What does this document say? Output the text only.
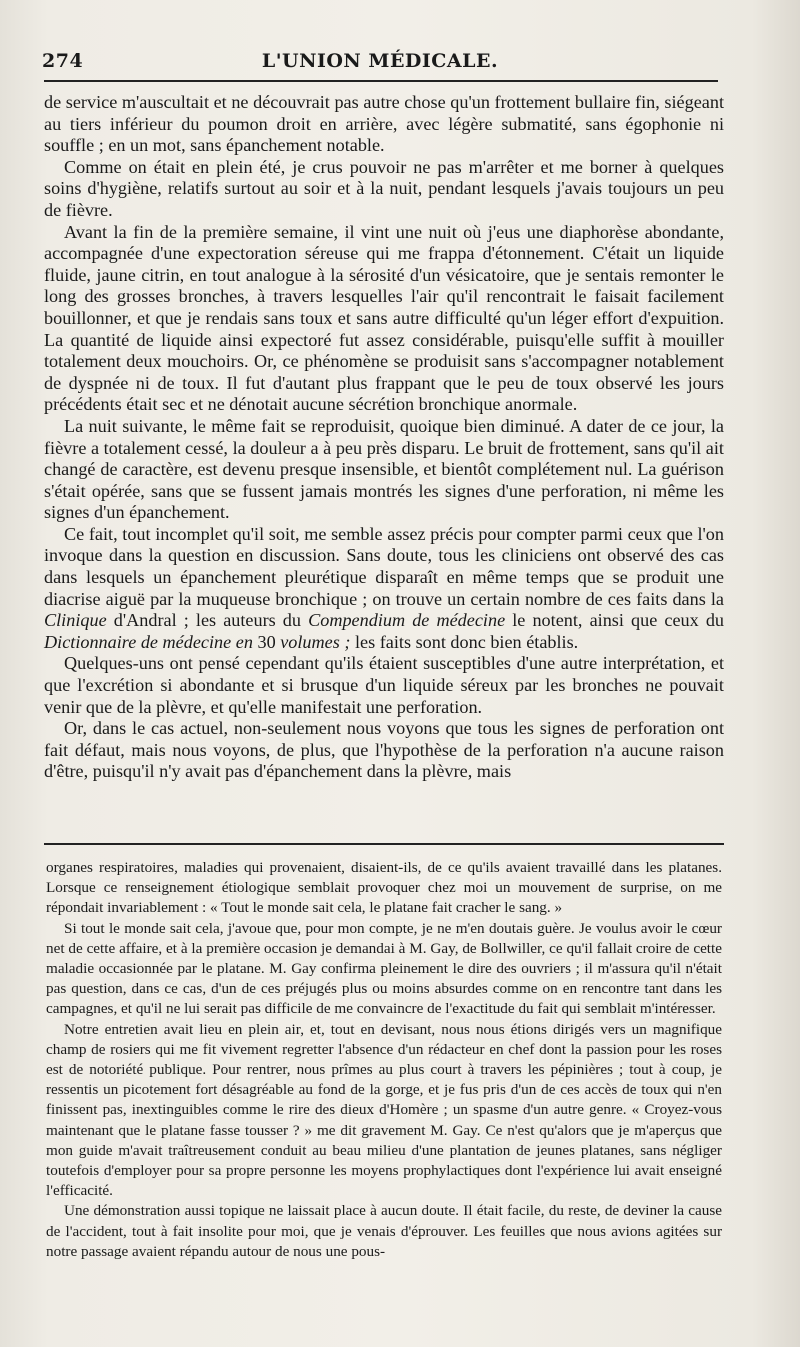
274	L'UNION MÉDICALE.

de service m'auscultait et ne découvrait pas autre chose qu'un frottement bullaire fin, siégeant au tiers inférieur du poumon droit en arrière, avec légère submatité, sans égophonie ni souffle ; en un mot, sans épanchement notable.

Comme on était en plein été, je crus pouvoir ne pas m'arrêter et me borner à quelques soins d'hygiène, relatifs surtout au soir et à la nuit, pendant lesquels j'avais toujours un peu de fièvre.

Avant la fin de la première semaine, il vint une nuit où j'eus une diaphorèse abondante, accompagnée d'une expectoration séreuse qui me frappa d'étonnement. C'était un liquide fluide, jaune citrin, en tout analogue à la sérosité d'un vésicatoire, que je sentais remonter le long des grosses bronches, à travers lesquelles l'air qu'il rencontrait le faisait facilement bouillonner, et que je rendais sans toux et sans autre difficulté qu'un léger effort d'expuition. La quantité de liquide ainsi expectoré fut assez considérable, puisqu'elle suffit à mouiller totalement deux mouchoirs. Or, ce phénomène se produisit sans s'accompagner notablement de dyspnée ni de toux. Il fut d'autant plus frappant que le peu de toux observé les jours précédents était sec et ne dénotait aucune sécrétion bronchique anormale.

La nuit suivante, le même fait se reproduisit, quoique bien diminué. A dater de ce jour, la fièvre a totalement cessé, la douleur a à peu près disparu. Le bruit de frottement, sans qu'il ait changé de caractère, est devenu presque insensible, et bientôt complétement nul. La guérison s'était opérée, sans que se fussent jamais montrés les signes d'une perforation, ni même les signes d'un épanchement.

Ce fait, tout incomplet qu'il soit, me semble assez précis pour compter parmi ceux que l'on invoque dans la question en discussion. Sans doute, tous les cliniciens ont observé des cas dans lesquels un épanchement pleurétique disparaît en même temps que se produit une diacrise aiguë par la muqueuse bronchique ; on trouve un certain nombre de ces faits dans la Clinique d'Andral ; les auteurs du Compendium de médecine le notent, ainsi que ceux du Dictionnaire de médecine en 30 volumes ; les faits sont donc bien établis.

Quelques-uns ont pensé cependant qu'ils étaient susceptibles d'une autre interprétation, et que l'excrétion si abondante et si brusque d'un liquide séreux par les bronches ne pouvait venir que de la plèvre, et qu'elle manifestait une perforation.

Or, dans le cas actuel, non-seulement nous voyons que tous les signes de perforation ont fait défaut, mais nous voyons, de plus, que l'hypothèse de la perforation n'a aucune raison d'être, puisqu'il n'y avait pas d'épanchement dans la plèvre, mais

organes respiratoires, maladies qui provenaient, disaient-ils, de ce qu'ils avaient travaillé dans les platanes. Lorsque ce renseignement étiologique semblait provoquer chez moi un mouvement de surprise, on me répondait invariablement : « Tout le monde sait cela, le platane fait cracher le sang. »

Si tout le monde sait cela, j'avoue que, pour mon compte, je ne m'en doutais guère. Je voulus avoir le cœur net de cette affaire, et à la première occasion je demandai à M. Gay, de Bollwiller, ce qu'il fallait croire de cette maladie occasionnée par le platane. M. Gay confirma pleinement le dire des ouvriers ; il m'assura qu'il n'était pas question, dans ce cas, d'un de ces préjugés plus ou moins absurdes comme on en rencontre tant dans les campagnes, et qu'il ne lui serait pas difficile de me convaincre de l'exactitude du fait qui semblait m'intéresser.

Notre entretien avait lieu en plein air, et, tout en devisant, nous nous étions dirigés vers un magnifique champ de rosiers qui me fit vivement regretter l'absence d'un rédacteur en chef dont la passion pour les roses est de notoriété publique. Pour rentrer, nous prîmes au plus court à travers les pépinières ; tout à coup, je ressentis un picotement fort désagréable au fond de la gorge, et je fus pris d'un de ces accès de toux qui n'en finissent pas, inextinguibles comme le rire des dieux d'Homère ; un spasme d'un autre genre. « Croyez-vous maintenant que le platane fasse tousser ? » me dit gravement M. Gay. Ce n'est qu'alors que je m'aperçus que mon guide m'avait traîtreusement conduit au beau milieu d'une plantation de jeunes platanes, sans négliger toutefois d'employer pour sa propre personne les moyens prophylactiques dont l'expérience lui avait enseigné l'efficacité.

Une démonstration aussi topique ne laissait place à aucun doute. Il était facile, du reste, de deviner la cause de l'accident, tout à fait insolite pour moi, que je venais d'éprouver. Les feuilles que nous avions agitées sur notre passage avaient répandu autour de nous une pous-
